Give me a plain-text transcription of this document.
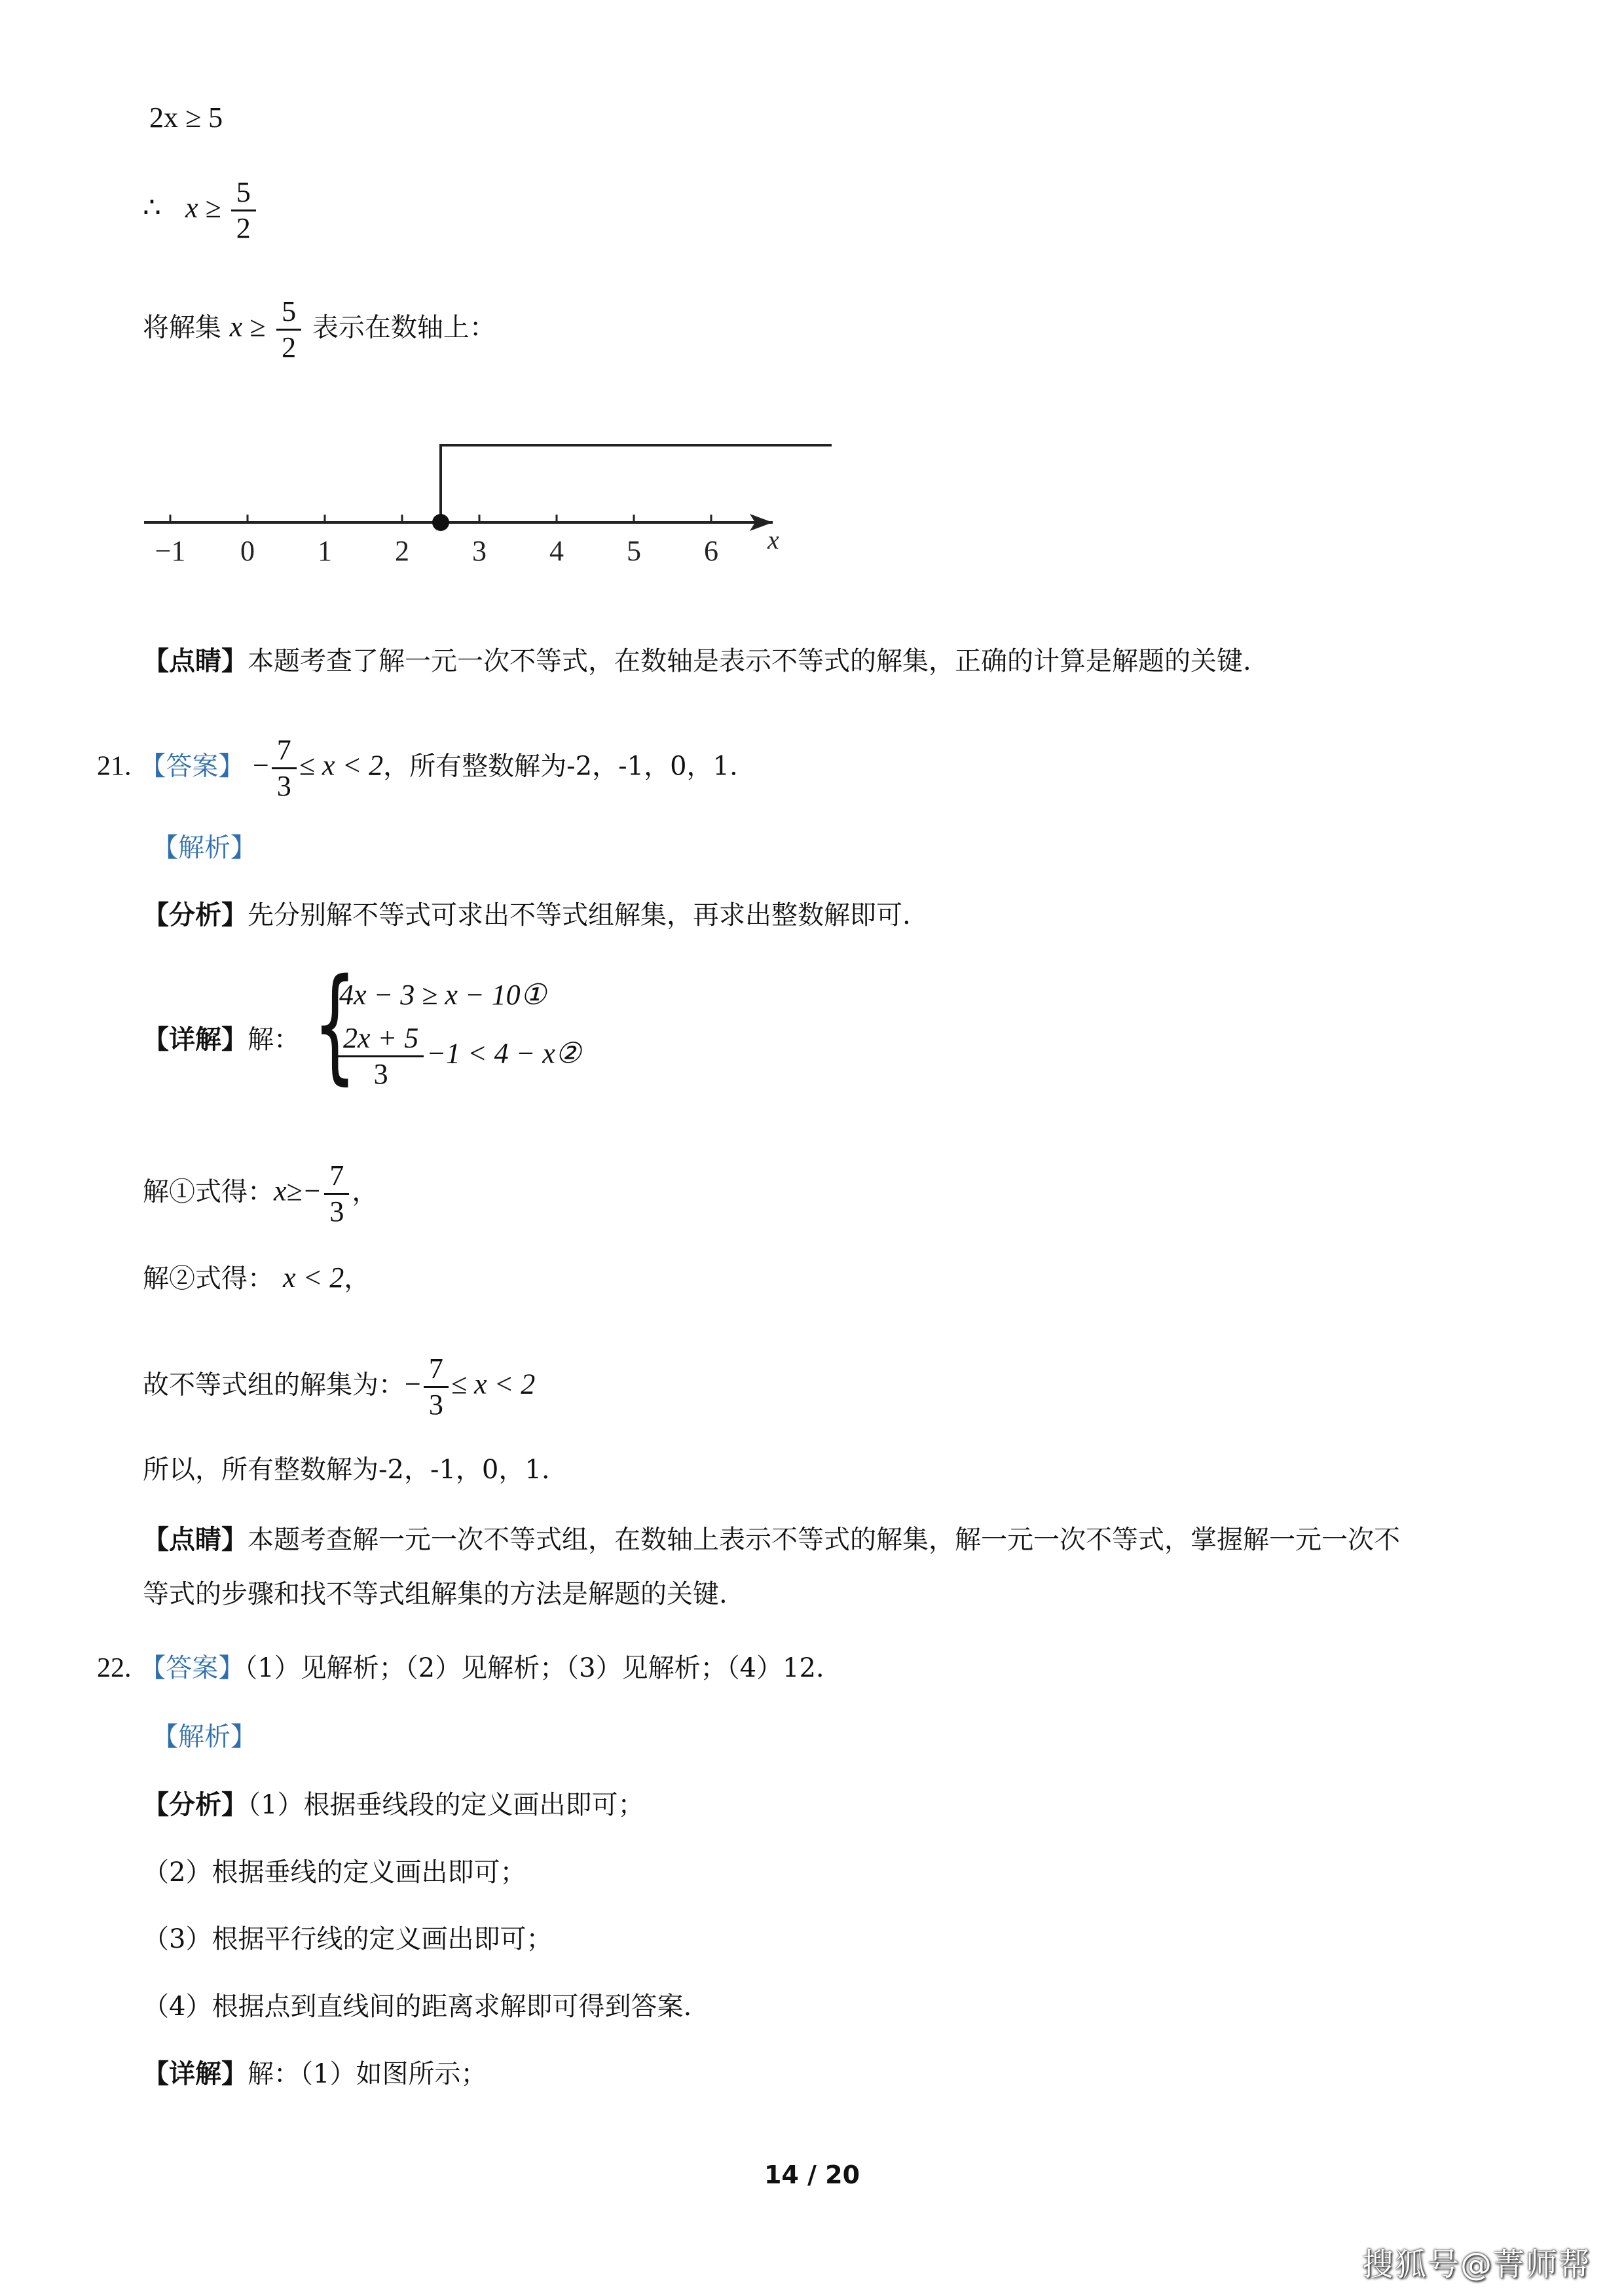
2x ≥ 5
∴ $x \ge \frac{5}{2}$
将解集 $x \ge \frac{5}{2}$ 表示在数轴上：
x
−1 0 1 2 3 4 5 6
【点睛】本题考查了解一元一次不等式，在数轴是表示不等式的解集，正确的计算是解题的关键.
21. 【答案】 − $\frac{7}{3} \le x < 2$，所有整数解为-2，-1，0，1.
【解析】
【分析】先分别解不等式可求出不等式组解集，再求出整数解即可.
【详解】解： {
4x − 3 ≥ x − 10①
$\frac{2x + 5}{3} -1 < 4$ − x②
解①式得：$x\ge- \frac{7}{3}$ ，
解②式得： x < 2，
故不等式组的解集为：− $\frac{7}{3} \le x < 2$
所以，所有整数解为-2，-1，0，1.
【点睛】本题考查解一元一次不等式组，在数轴上表示不等式的解集，解一元一次不等式，掌握解一元一次不
等式的步骤和找不等式组解集的方法是解题的关键.
22. 【答案】（1）见解析；（2）见解析；（3）见解析；（4）12.
【解析】
【分析】（1）根据垂线段的定义画出即可；
（2）根据垂线的定义画出即可；
（3）根据平行线的定义画出即可；
（4）根据点到直线间的距离求解即可得到答案.
【详解】解：（1）如图所示；
14 / 20
搜狐号@菁师帮
